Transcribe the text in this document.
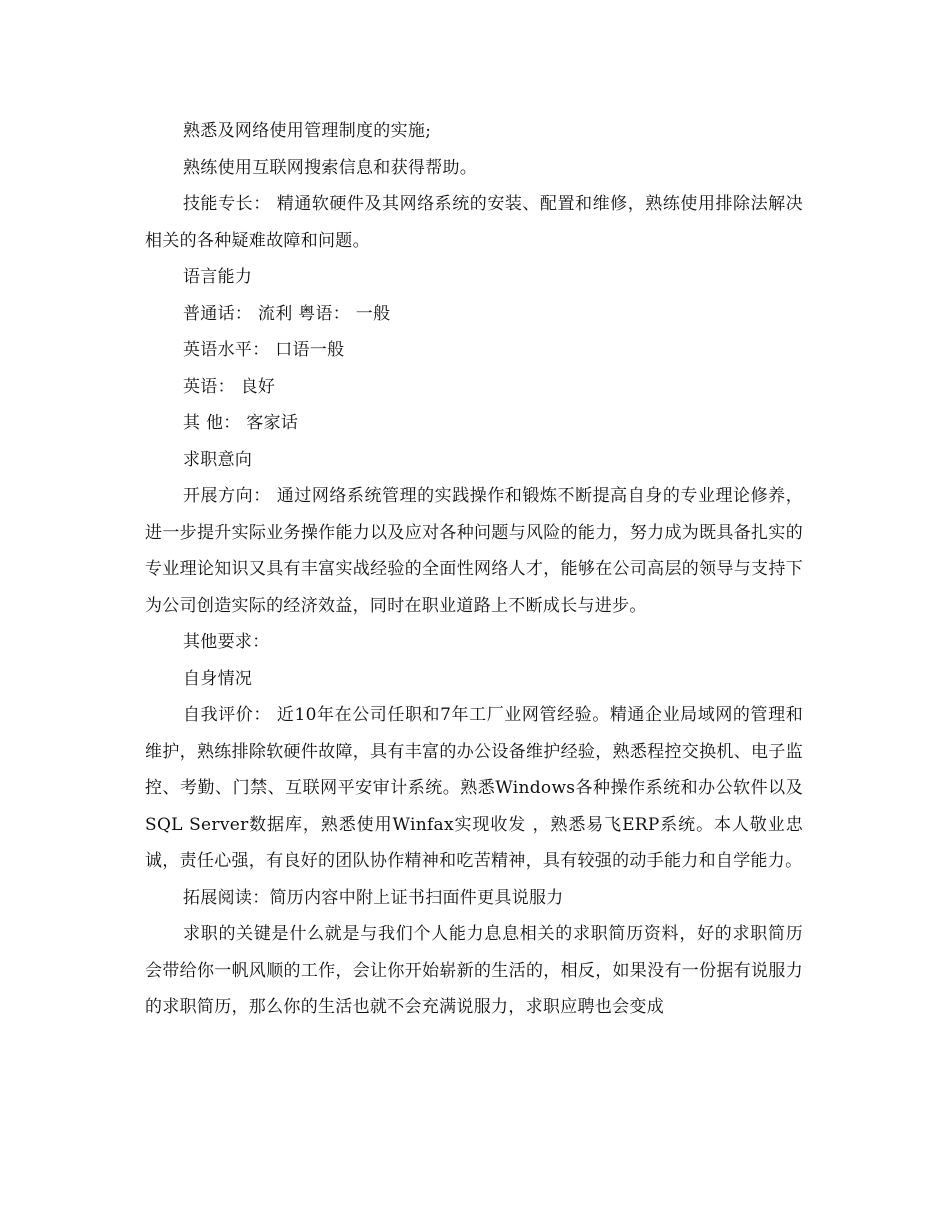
熟悉及网络使用管理制度的实施;

熟练使用互联网搜索信息和获得帮助。

技能专长： 精通软硬件及其网络系统的安装、配置和维修，熟练使用排除法解决相关的各种疑难故障和问题。

语言能力

普通话： 流利 粤语： 一般

英语水平： 口语一般

英语： 良好

其 他： 客家话

求职意向

开展方向： 通过网络系统管理的实践操作和锻炼不断提高自身的专业理论修养，进一步提升实际业务操作能力以及应对各种问题与风险的能力，努力成为既具备扎实的专业理论知识又具有丰富实战经验的全面性网络人才，能够在公司高层的领导与支持下为公司创造实际的经济效益，同时在职业道路上不断成长与进步。

其他要求：

自身情况

自我评价： 近10年在公司任职和7年工厂业网管经验。精通企业局域网的管理和维护，熟练排除软硬件故障，具有丰富的办公设备维护经验，熟悉程控交换机、电子监控、考勤、门禁、互联网平安审计系统。熟悉Windows各种操作系统和办公软件以及SQL Server数据库，熟悉使用Winfax实现收发 ，熟悉易飞ERP系统。本人敬业忠诚，责任心强，有良好的团队协作精神和吃苦精神，具有较强的动手能力和自学能力。

拓展阅读：简历内容中附上证书扫面件更具说服力

求职的关键是什么就是与我们个人能力息息相关的求职简历资料，好的求职简历会带给你一帆风顺的工作，会让你开始崭新的生活的，相反，如果没有一份据有说服力的求职简历，那么你的生活也就不会充满说服力，求职应聘也会变成
